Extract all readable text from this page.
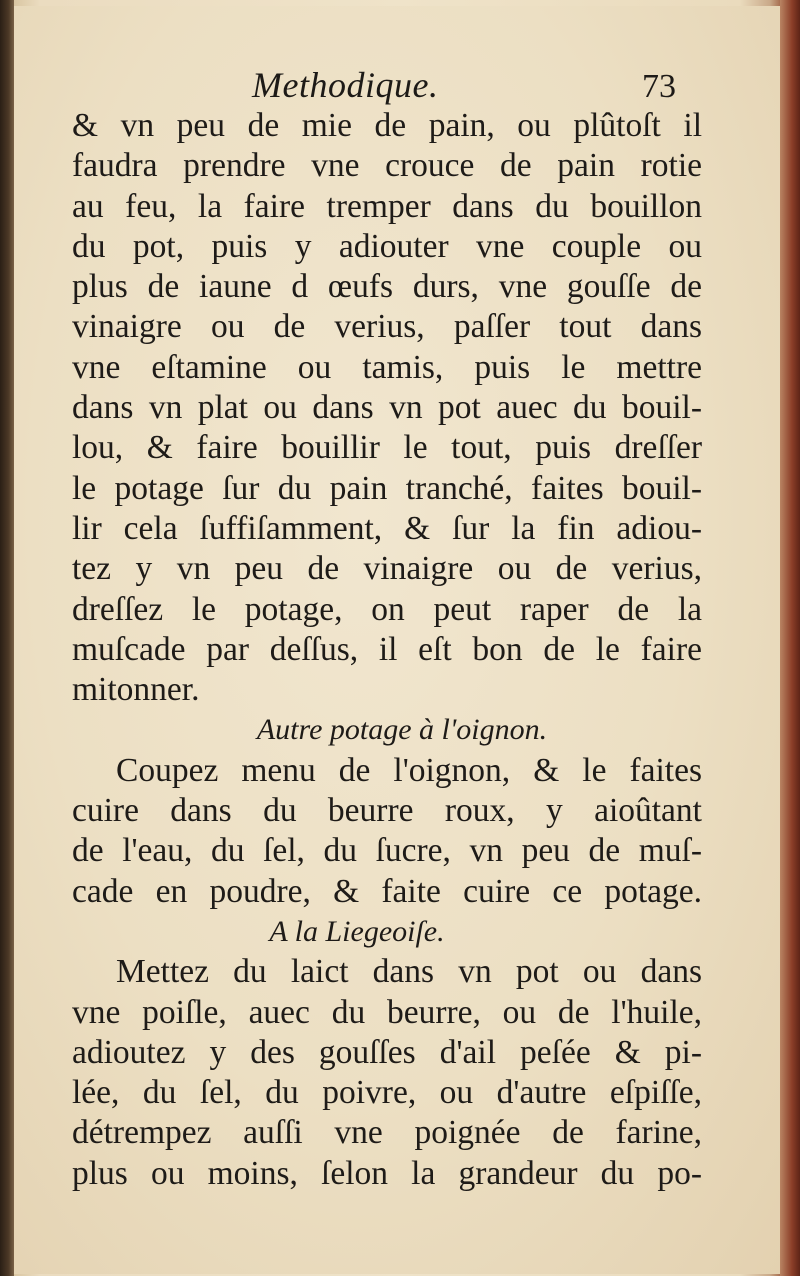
Methodique.	73
& vn peu de mie de pain, ou plûtoſt il
faudra prendre vne crouce de pain rotie
au feu, la faire tremper dans du bouillon
du pot, puis y adiouter vne couple ou
plus de iaune d œufs durs, vne gouſſe de
vinaigre ou de verius, paſſer tout dans
vne eſtamine ou tamis, puis le mettre
dans vn plat ou dans vn pot auec du bouil-
lou, & faire bouillir le tout, puis dreſſer
le potage ſur du pain tranché, faites bouil-
lir cela ſuffiſamment, & ſur la fin adiou-
tez y vn peu de vinaigre ou de verius,
dreſſez le potage, on peut raper de la
muſcade par deſſus, il eſt bon de le faire
mitonner.
Autre potage à l'oignon.
Coupez menu de l'oignon, & le faites
cuire dans du beurre roux, y aioûtant
de l'eau, du ſel, du ſucre, vn peu de muſ-
cade en poudre, & faite cuire ce potage.
A la Liegeoiſe.
Mettez du laict dans vn pot ou dans
vne poiſle, auec du beurre, ou de l'huile,
adioutez y des gouſſes d'ail peſée & pi-
lée, du ſel, du poivre, ou d'autre eſpiſſe,
détrempez auſſi vne poignée de farine,
plus ou moins, ſelon la grandeur du po-
